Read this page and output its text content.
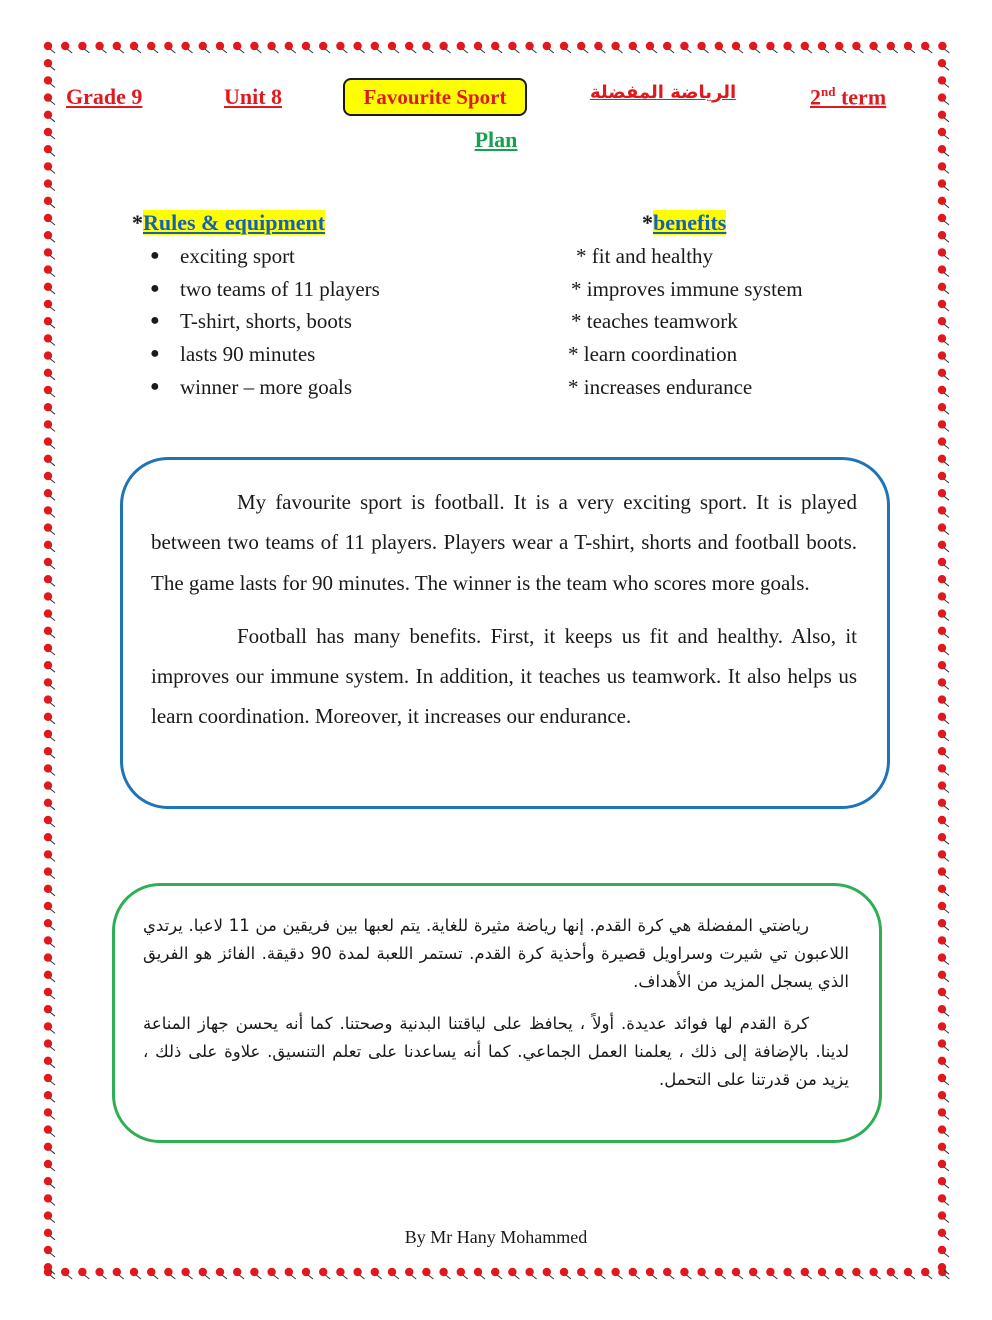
Grade 9	Unit 8	Favourite Sport	الرياضة المفضلة	2nd term
Plan
*Rules & equipment
● exciting sport
● two teams of 11 players
● T-shirt, shorts, boots
● lasts 90 minutes
● winner – more goals
*benefits
* fit and healthy
* improves immune system
* teaches teamwork
* learn coordination
* increases endurance

My favourite sport is football. It is a very exciting sport. It is played between two teams of 11 players. Players wear a T-shirt, shorts and football boots. The game lasts for 90 minutes. The winner is the team who scores more goals.

Football has many benefits. First, it keeps us fit and healthy. Also, it improves our immune system. In addition, it teaches us teamwork. It also helps us learn coordination. Moreover, it increases our endurance.

رياضتي المفضلة هي كرة القدم. إنها رياضة مثيرة للغاية. يتم لعبها بين فريقين من 11 لاعبا. يرتدي اللاعبون تي شيرت وسراويل قصيرة وأحذية كرة القدم. تستمر اللعبة لمدة 90 دقيقة. الفائز هو الفريق الذي يسجل المزيد من الأهداف.

كرة القدم لها فوائد عديدة. أولاً ، يحافظ على لياقتنا البدنية وصحتنا. كما أنه يحسن جهاز المناعة لدينا. بالإضافة إلى ذلك ، يعلمنا العمل الجماعي. كما أنه يساعدنا على تعلم التنسيق. علاوة على ذلك ، يزيد من قدرتنا على التحمل.

By Mr Hany Mohammed
